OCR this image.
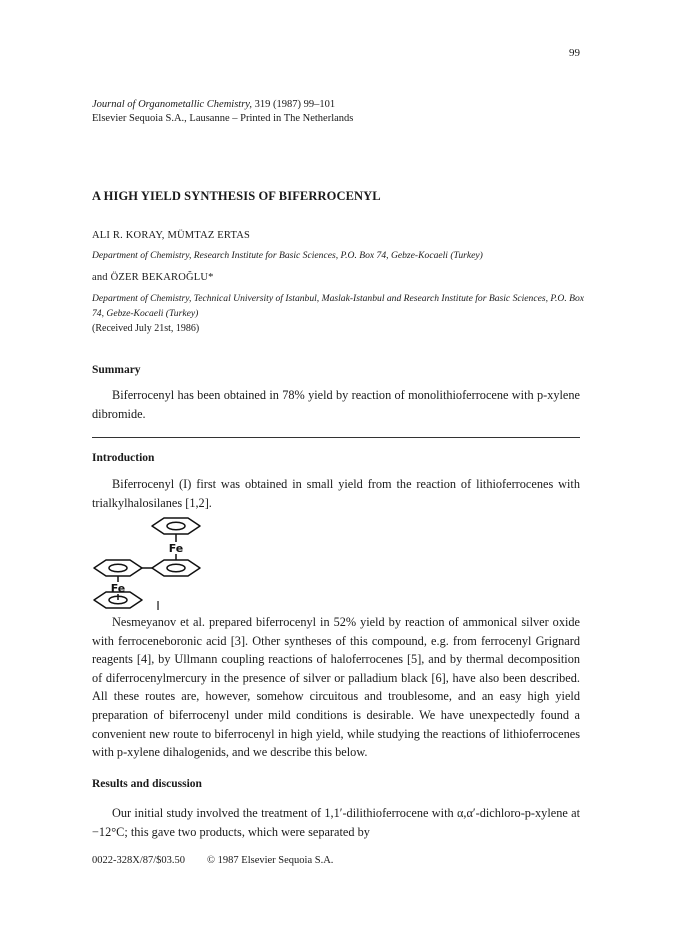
99
Journal of Organometallic Chemistry, 319 (1987) 99–101
Elsevier Sequoia S.A., Lausanne – Printed in The Netherlands
A HIGH YIELD SYNTHESIS OF BIFERROCENYL
ALI R. KORAY, MÜMTAZ ERTAS
Department of Chemistry, Research Institute for Basic Sciences, P.O. Box 74, Gebze-Kocaeli (Turkey)
and ÖZER BEKAROĞLU*
Department of Chemistry, Technical University of Istanbul, Maslak-Istanbul and Research Institute for Basic Sciences, P.O. Box 74, Gebze-Kocaeli (Turkey)
(Received July 21st, 1986)
Summary

Biferrocenyl has been obtained in 78% yield by reaction of monolithioferrocene with p-xylene dibromide.

Introduction

Biferrocenyl (I) first was obtained in small yield from the reaction of lithioferrocenes with trialkylhalosilanes [1,2].

Fe
Fe
I

Nesmeyanov et al. prepared biferrocenyl in 52% yield by reaction of ammonical silver oxide with ferroceneboronic acid [3]. Other syntheses of this compound, e.g. from ferrocenyl Grignard reagents [4], by Ullmann coupling reactions of haloferrocenes [5], and by thermal decomposition of diferrocenylmercury in the presence of silver or palladium black [6], have also been described. All these routes are, however, somehow circuitous and troublesome, and an easy high yield preparation of biferrocenyl under mild conditions is desirable. We have unexpectedly found a convenient new route to biferrocenyl in high yield, while studying the reactions of lithioferrocenes with p-xylene dihalogenids, and we describe this below.

Results and discussion

Our initial study involved the treatment of 1,1′-dilithioferrocene with α,α′-dichloro-p-xylene at −12°C; this gave two products, which were separated by

0022-328X/87/$03.50 © 1987 Elsevier Sequoia S.A.
